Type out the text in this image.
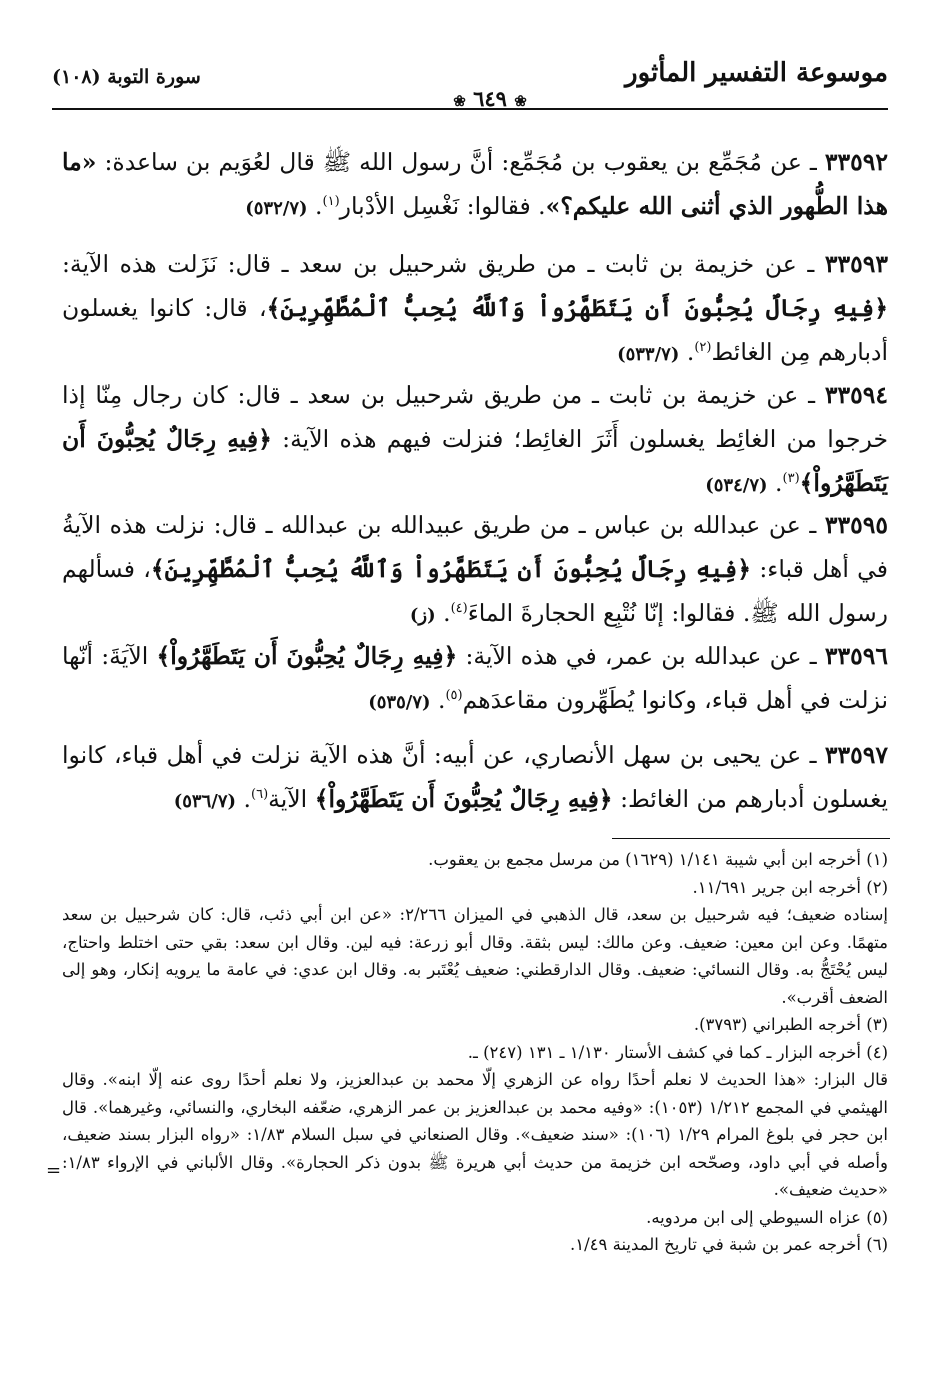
موسوعة التفسير المأثور
❀ ٦٤٩ ❀
سورة التوبة (١٠٨)
٣٣٥٩٢ ـ عن مُجَمِّع بن يعقوب بن مُجَمِّع: أنَّ رسول الله ﷺ قال لعُوَيم بن ساعدة: «ما هذا الطُّهور الذي أثنى الله عليكم؟». فقالوا: نَغْسِل الأدْبار$^{(١)}$. (٥٣٢/٧)
٣٣٥٩٣ ـ عن خزيمة بن ثابت ـ من طريق شرحبيل بن سعد ـ قال: نَزَلت هذه الآية: ﴿فِيهِ رِجَالٌ يُحِبُّونَ أَن يَتَطَهَّرُواْ وَٱللَّهُ يُحِبُّ ٱلْمُطَّهِّرِينَ﴾، قال: كانوا يغسلون أدبارهم مِن الغائط$^{(٢)}$. (٥٣٣/٧)
٣٣٥٩٤ ـ عن خزيمة بن ثابت ـ من طريق شرحبيل بن سعد ـ قال: كان رجال مِنّا إذا خرجوا من الغائِط يغسلون أَثَرَ الغائِط؛ فنزلت فيهم هذه الآية: ﴿فِيهِ رِجَالٌ يُحِبُّونَ أَن يَتَطَهَّرُواْ﴾$^{(٣)}$. (٥٣٤/٧)
٣٣٥٩٥ ـ عن عبدالله بن عباس ـ من طريق عبيدالله بن عبدالله ـ قال: نزلت هذه الآيةُ في أهل قباء: ﴿فِيهِ رِجَالٌ يُحِبُّونَ أَن يَتَطَهَّرُواْ وَٱللَّهُ يُحِبُّ ٱلْمُطَّهِّرِينَ﴾، فسألهم رسول الله ﷺ. فقالوا: إنّا نُتْبِع الحجارةَ الماءَ$^{(٤)}$. (ز)
٣٣٥٩٦ ـ عن عبدالله بن عمر، في هذه الآية: ﴿فِيهِ رِجَالٌ يُحِبُّونَ أَن يَتَطَهَّرُواْ﴾ الآيَةَ: أنّها نزلت في أهل قباء، وكانوا يُطَهِّرون مقاعدَهم$^{(٥)}$. (٥٣٥/٧)
٣٣٥٩٧ ـ عن يحيى بن سهل الأنصاري، عن أبيه: أنَّ هذه الآية نزلت في أهل قباء، كانوا يغسلون أدبارهم من الغائط: ﴿فِيهِ رِجَالٌ يُحِبُّونَ أَن يَتَطَهَّرُواْ﴾ الآية$^{(٦)}$. (٥٣٦/٧)

(١) أخرجه ابن أبي شيبة ١/١٤١ (١٦٢٩) من مرسل مجمع بن يعقوب.

(٢) أخرجه ابن جرير ١١/٦٩١.

إسناده ضعيف؛ فيه شرحبيل بن سعد، قال الذهبي في الميزان ٢/٢٦٦: «عن ابن أبي ذئب، قال: كان شرحبيل بن سعد متهمًا. وعن ابن معين: ضعيف. وعن مالك: ليس بثقة. وقال أبو زرعة: فيه لين. وقال ابن سعد: بقي حتى اختلط واحتاج، ليس يُحْتَجُّ به. وقال النسائي: ضعيف. وقال الدارقطني: ضعيف يُعْتَبر به. وقال ابن عدي: في عامة ما يرويه إنكار، وهو إلى الضعف أقرب».

(٣) أخرجه الطبراني (٣٧٩٣).

(٤) أخرجه البزار ـ كما في كشف الأستار ١/١٣٠ ـ ١٣١ (٢٤٧) ـ.

قال البزار: «هذا الحديث لا نعلم أحدًا رواه عن الزهري إلّا محمد بن عبدالعزيز، ولا نعلم أحدًا روى عنه إلّا ابنه». وقال الهيثمي في المجمع ١/٢١٢ (١٠٥٣): «وفيه محمد بن عبدالعزيز بن عمر الزهري، ضعّفه البخاري، والنسائي، وغيرهما». قال ابن حجر في بلوغ المرام ١/٢٩ (١٠٦): «سند ضعيف». وقال الصنعاني في سبل السلام ١/٨٣: «رواه البزار بسند ضعيف، وأصله في أبي داود، وصحّحه ابن خزيمة من حديث أبي هريرة ﷺ بدون ذكر الحجارة». وقال الألباني في الإرواء ١/٨٣: «حديث ضعيف».

(٥) عزاه السيوطي إلى ابن مردويه.

(٦) أخرجه عمر بن شبة في تاريخ المدينة ١/٤٩.

=
